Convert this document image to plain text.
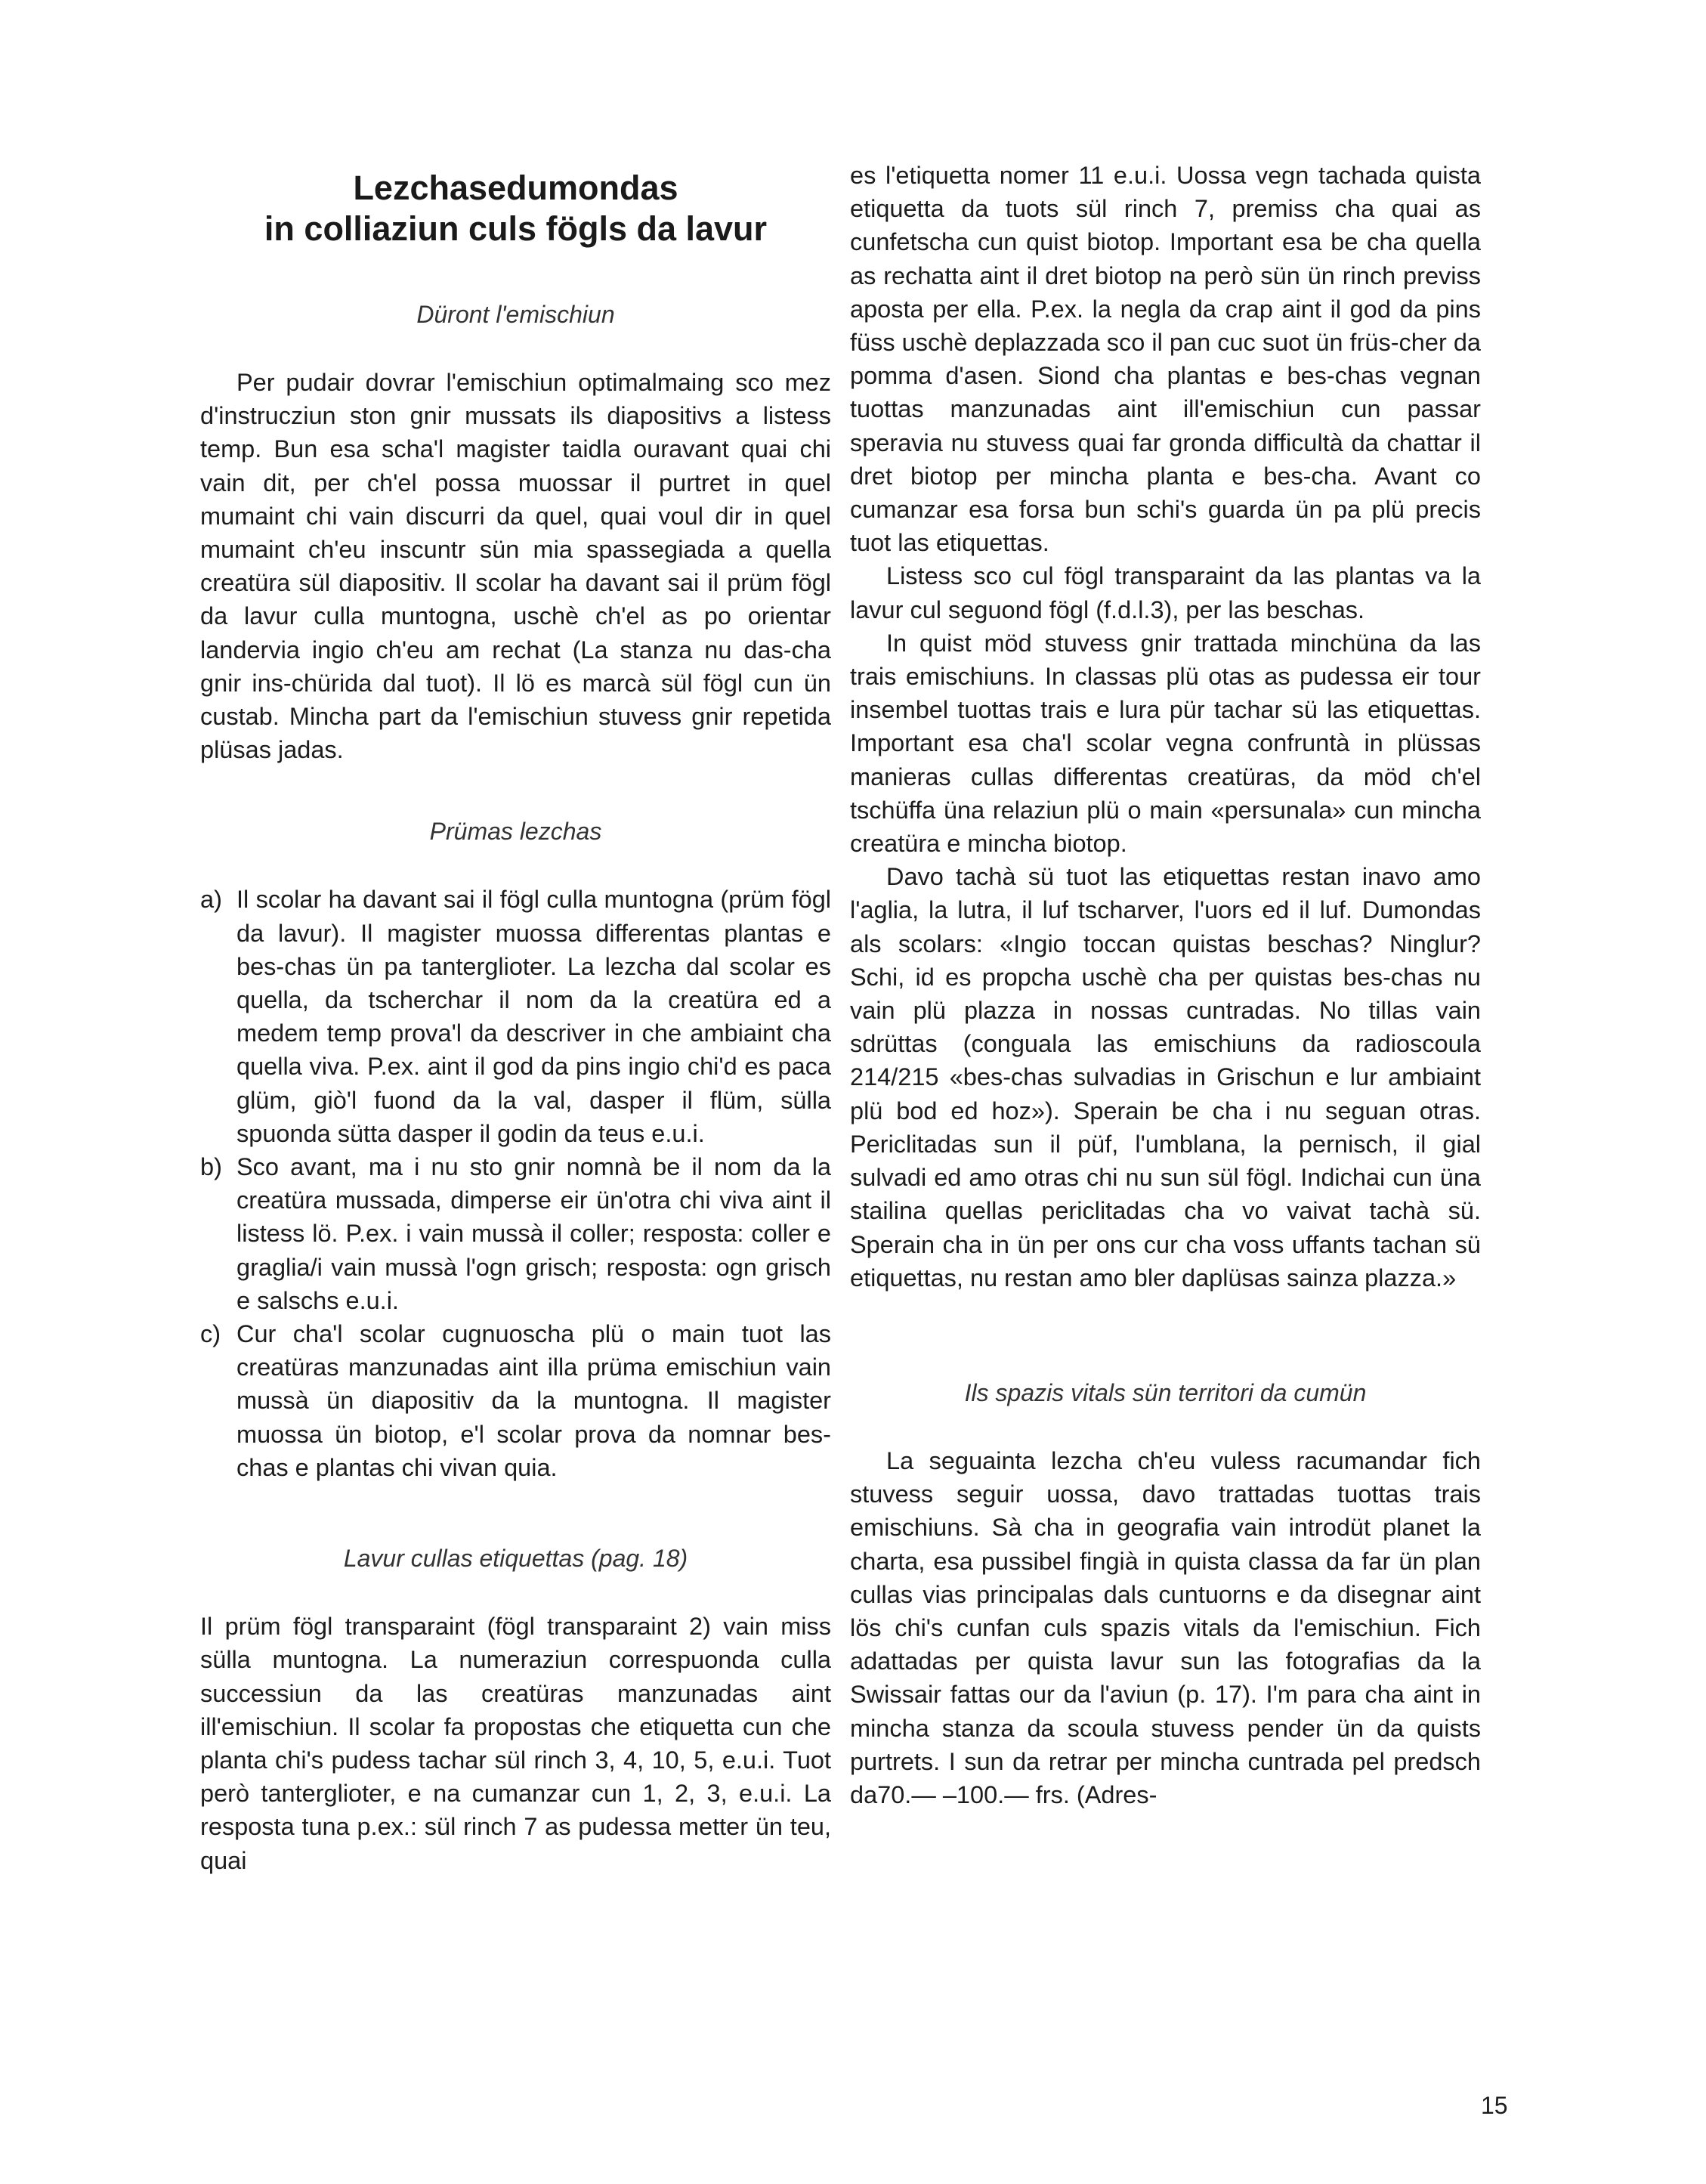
Lezchasedumondas
in colliaziun culs fögls da lavur
Düront l'emischiun

Per pudair dovrar l'emischiun optimalmaing sco mez d'instrucziun ston gnir mussats ils diapositivs a listess temp. Bun esa scha'l magister taidla ouravant quai chi vain dit, per ch'el possa muossar il purtret in quel mumaint chi vain discurri da quel, quai voul dir in quel mumaint ch'eu inscuntr sün mia spassegiada a quella creatüra sül diapositiv. Il scolar ha davant sai il prüm fögl da lavur culla muntogna, uschè ch'el as po orientar landervia ingio ch'eu am rechat (La stanza nu das-cha gnir ins-chürida dal tuot). Il lö es marcà sül fögl cun ün custab. Mincha part da l'emischiun stuvess gnir repetida plüsas jadas.

Prümas lezchas
a) Il scolar ha davant sai il fögl culla muntogna (prüm fögl da lavur). Il magister muossa differentas plantas e bes-chas ün pa tanterglioter. La lezcha dal scolar es quella, da tscherchar il nom da la creatüra ed a medem temp prova'l da descriver in che ambiaint cha quella viva. P.ex. aint il god da pins ingio chi'd es paca glüm, giò'l fuond da la val, dasper il flüm, sülla spuonda sütta dasper il godin da teus e.u.i.
b) Sco avant, ma i nu sto gnir nomnà be il nom da la creatüra mussada, dimperse eir ün'otra chi viva aint il listess lö. P.ex. i vain mussà il coller; resposta: coller e graglia/i vain mussà l'ogn grisch; resposta: ogn grisch e salschs e.u.i.
c) Cur cha'l scolar cugnuoscha plü o main tuot las creatüras manzunadas aint illa prüma emischiun vain mussà ün diapositiv da la muntogna. Il magister muossa ün biotop, e'l scolar prova da nomnar bes-chas e plantas chi vivan quia.
Lavur cullas etiquettas (pag. 18)

Il prüm fögl transparaint (fögl transparaint 2) vain miss sülla muntogna. La numeraziun correspuonda culla successiun da las creatüras manzunadas aint ill'emischiun. Il scolar fa propostas che etiquetta cun che planta chi's pudess tachar sül rinch 3, 4, 10, 5, e.u.i. Tuot però tanterglioter, e na cumanzar cun 1, 2, 3, e.u.i. La resposta tuna p.ex.: sül rinch 7 as pudessa metter ün teu, quai

es l'etiquetta nomer 11 e.u.i. Uossa vegn tachada quista etiquetta da tuots sül rinch 7, premiss cha quai as cunfetscha cun quist biotop. Important esa be cha quella as rechatta aint il dret biotop na però sün ün rinch previss aposta per ella. P.ex. la negla da crap aint il god da pins füss uschè deplazzada sco il pan cuc suot ün früs-cher da pomma d'asen. Siond cha plantas e bes-chas vegnan tuottas manzunadas aint ill'emischiun cun passar speravia nu stuvess quai far gronda difficultà da chattar il dret biotop per mincha planta e bes-cha. Avant co cumanzar esa forsa bun schi's guarda ün pa plü precis tuot las etiquettas.

Listess sco cul fögl transparaint da las plantas va la lavur cul seguond fögl (f.d.l.3), per las beschas.

In quist möd stuvess gnir trattada minchüna da las trais emischiuns. In classas plü otas as pudessa eir tour insembel tuottas trais e lura pür tachar sü las etiquettas. Important esa cha'l scolar vegna confruntà in plüssas manieras cullas differentas creatüras, da möd ch'el tschüffa üna relaziun plü o main «persunala» cun mincha creatüra e mincha biotop.

Davo tachà sü tuot las etiquettas restan inavo amo l'aglia, la lutra, il luf tscharver, l'uors ed il luf. Dumondas als scolars: «Ingio toccan quistas beschas? Ninglur? Schi, id es propcha uschè cha per quistas bes-chas nu vain plü plazza in nossas cuntradas. No tillas vain sdrüttas (conguala las emischiuns da radioscoula 214/215 «bes-chas sulvadias in Grischun e lur ambiaint plü bod ed hoz»). Sperain be cha i nu seguan otras. Periclitadas sun il püf, l'umblana, la pernisch, il gial sulvadi ed amo otras chi nu sun sül fögl. Indichai cun üna stailina quellas periclitadas cha vo vaivat tachà sü. Sperain cha in ün per ons cur cha voss uffants tachan sü etiquettas, nu restan amo bler daplüsas sainza plazza.»

Ils spazis vitals sün territori da cumün

La seguainta lezcha ch'eu vuless racumandar fich stuvess seguir uossa, davo trattadas tuottas trais emischiuns. Sà cha in geografia vain introdüt planet la charta, esa pussibel fingià in quista classa da far ün plan cullas vias principalas dals cuntuorns e da disegnar aint lös chi's cunfan culs spazis vitals da l'emischiun. Fich adattadas per quista lavur sun las fotografias da la Swissair fattas our da l'aviun (p. 17). I'm para cha aint in mincha stanza da scoula stuvess pender ün da quists purtrets. I sun da retrar per mincha cuntrada pel predsch da70.— –100.— frs. (Adres-

15
